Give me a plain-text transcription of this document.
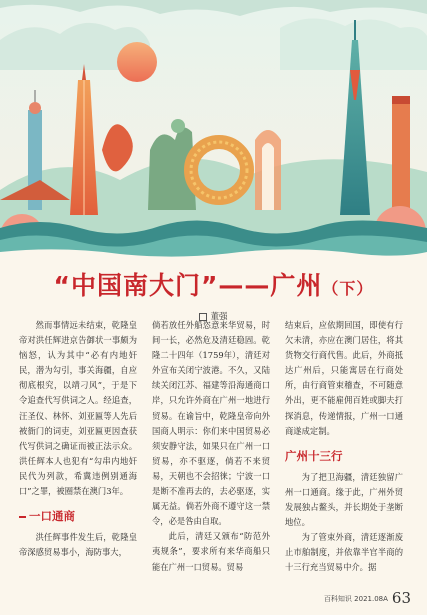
“中国南大门”——广州（下）
董强

然而事情远未结束，乾隆皇帝对洪任辉进京告御状一事颇为恼怒，认为其中“必有内地奸民，潜为勾引，事关海疆，自应彻底根究，以靖刁风”，于是下令追查代写供词之人。经追查，汪圣仪、林怀、刘亚匾等人先后被衙门的词吏，刘亚匾更因查获代写供词之确证而被正法示众。洪任辉本人也犯有“勾串内地奸民代为列款，希冀违例别通海口”之罪，被圈禁在澳门3年。

一口通商

洪任辉事件发生后，乾隆皇帝深感贸易事小，海防事大，

倘若放任外船恣意来华贸易，时间一长，必然危及清廷稳固。乾隆二十四年（1759年），清廷对外宣布关闭宁波港。不久，又陆续关闭江苏、福建等沿海通商口岸，只允许外商在广州一地进行贸易。在谕旨中，乾隆皇帝向外国商人明示：你们来中国贸易必须安静守法，如果只在广州一口贸易，亦不驱逐，倘若不来贸易，天朝也不会招徕；宁波一口是断不准再去的，去必驱逐，实属无益。倘若外商不遵守这一禁令，必是咎由自取。

此后，清廷又颁布“防范外夷规条”，要求所有来华商船只能在广州一口贸易。贸易

结束后，应依期回国，即使有行欠未清，亦应在澳门居住，将其货物交行商代售。此后，外商抵达广州后，只能寓居在行商处所，由行商管束稽查，不可随意外出，更不能雇佣百姓或脚夫打探消息，传递情报，广州一口通商遂成定制。

广州十三行

为了把卫海疆，清廷独留广州一口通商。缘于此，广州外贸发展独占鳌头，并长期处于垄断地位。

为了管束外商，清廷逐渐废止市舶制度，并依靠半官半商的十三行充当贸易中介。据

百科知识 2021.08A 63
